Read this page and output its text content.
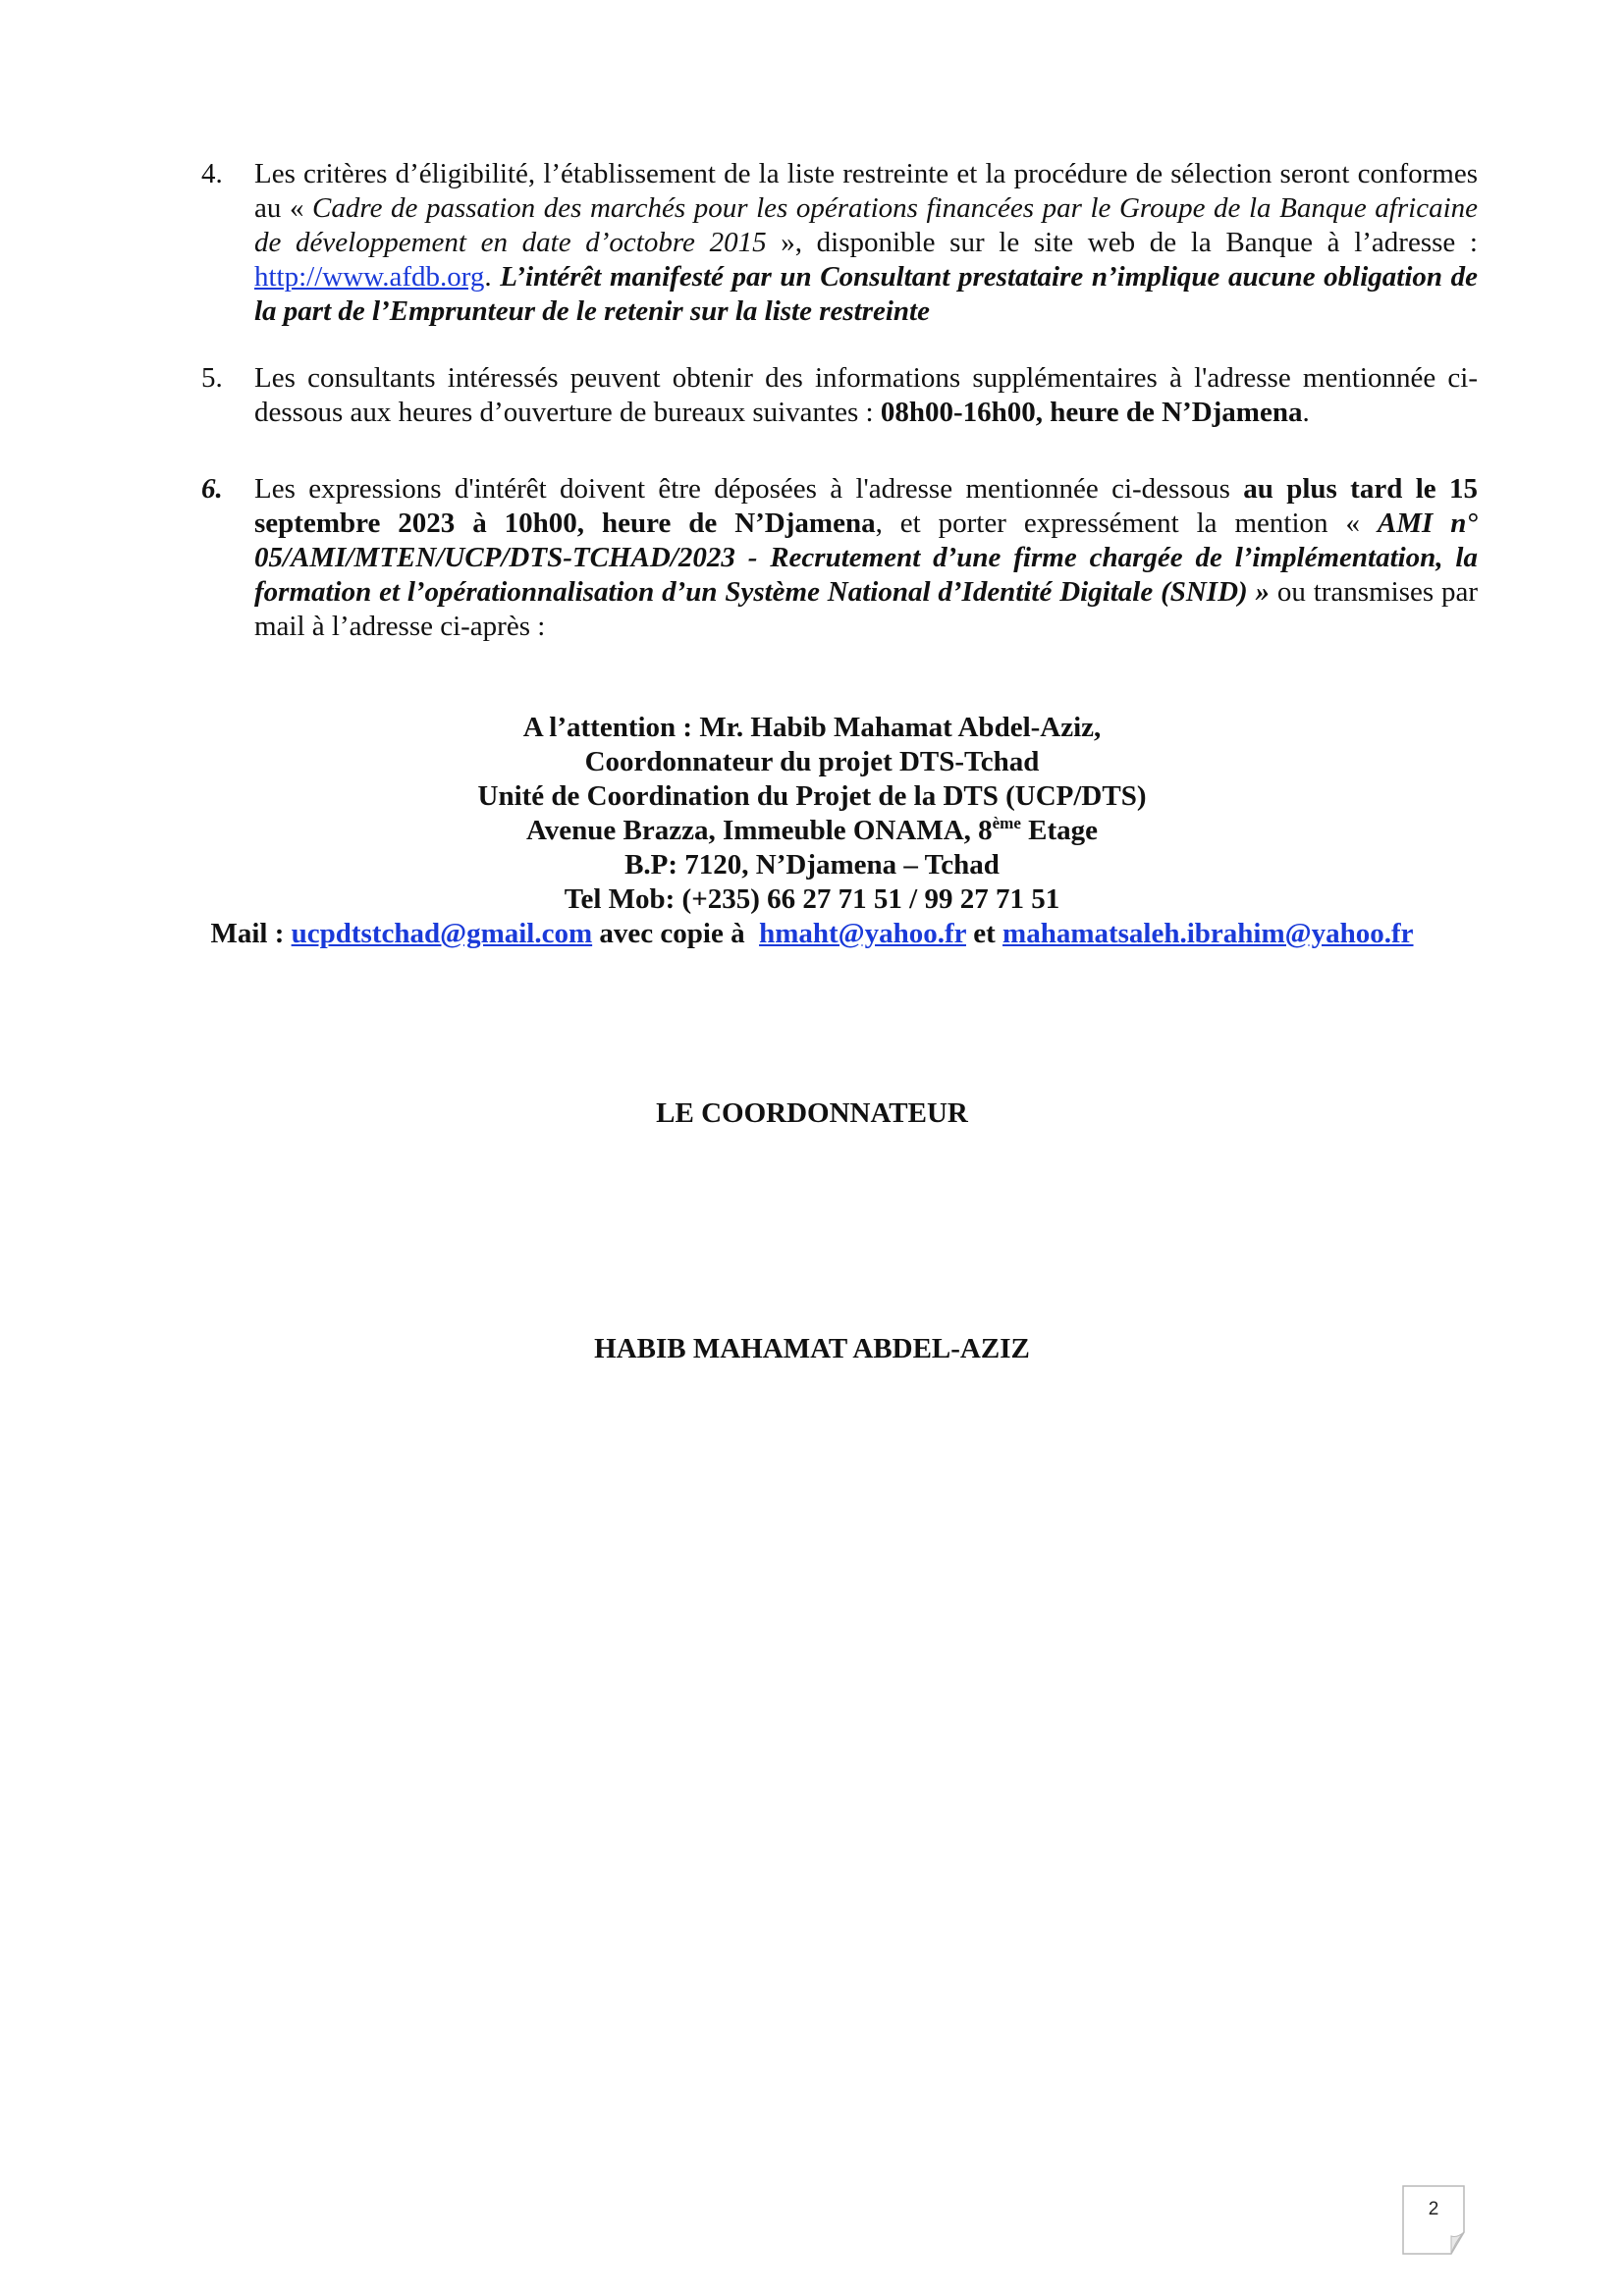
4.	Les critères d’éligibilité, l’établissement de la liste restreinte et la procédure de sélection seront conformes au « Cadre de passation des marchés pour les opérations financées par le Groupe de la Banque africaine de développement en date d’octobre 2015 », disponible sur le site web de la Banque à l’adresse : http://www.afdb.org. L’intérêt manifesté par un Consultant prestataire n’implique aucune obligation de la part de l’Emprunteur de le retenir sur la liste restreinte
5.	Les consultants intéressés peuvent obtenir des informations supplémentaires à l'adresse mentionnée ci-dessous aux heures d’ouverture de bureaux suivantes : 08h00-16h00, heure de N’Djamena.
6.	Les expressions d'intérêt doivent être déposées à l'adresse mentionnée ci-dessous au plus tard le 15 septembre 2023 à 10h00, heure de N’Djamena, et porter expressément la mention « AMI n° 05/AMI/MTEN/UCP/DTS-TCHAD/2023 - Recrutement d’une firme chargée de l’implémentation, la formation et l’opérationnalisation d’un Système National d’Identité Digitale (SNID) » ou transmises par mail à l’adresse ci-après :
A l’attention : Mr. Habib Mahamat Abdel-Aziz,
Coordonnateur du projet DTS-Tchad
Unité de Coordination du Projet de la DTS (UCP/DTS)
Avenue Brazza, Immeuble ONAMA, 8ème Etage
B.P: 7120, N’Djamena – Tchad
Tel Mob: (+235) 66 27 71 51 / 99 27 71 51
Mail : ucpdtstchad@gmail.com avec copie à  hmaht@yahoo.fr et mahamatsaleh.ibrahim@yahoo.fr
LE COORDONNATEUR
HABIB MAHAMAT ABDEL-AZIZ
2
